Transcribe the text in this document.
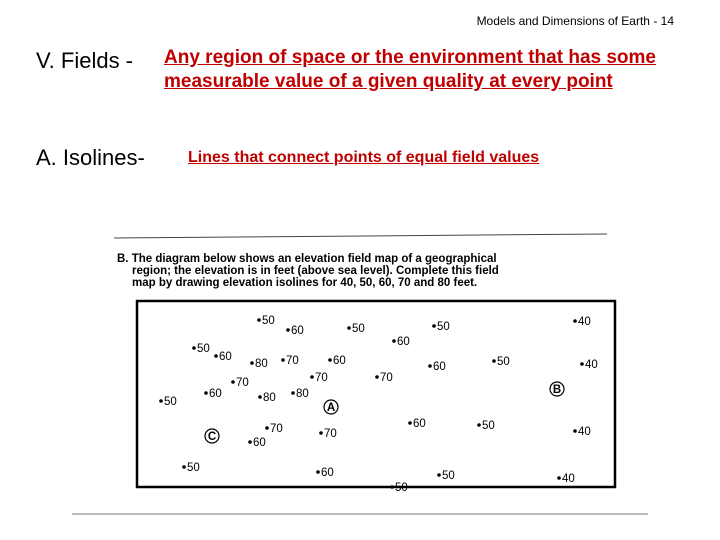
Models and Dimensions of Earth - 14
V. Fields - Any region of space or the environment that has some measurable value of a given quality at every point
A. Isolines-	Lines that connect points of equal field values
B. The diagram below shows an elevation field map of a geographical
region; the elevation is in feet (above sea level). Complete this field
map by drawing elevation isolines for 40, 50, 60, 70 and 80 feet.
50
60	50	50	40
60
50
60
80 70	60	60	50	40
70	70	70
60	80 80
50
60	50
70	70	40
60
50	60	50	40
50
A
B
C
